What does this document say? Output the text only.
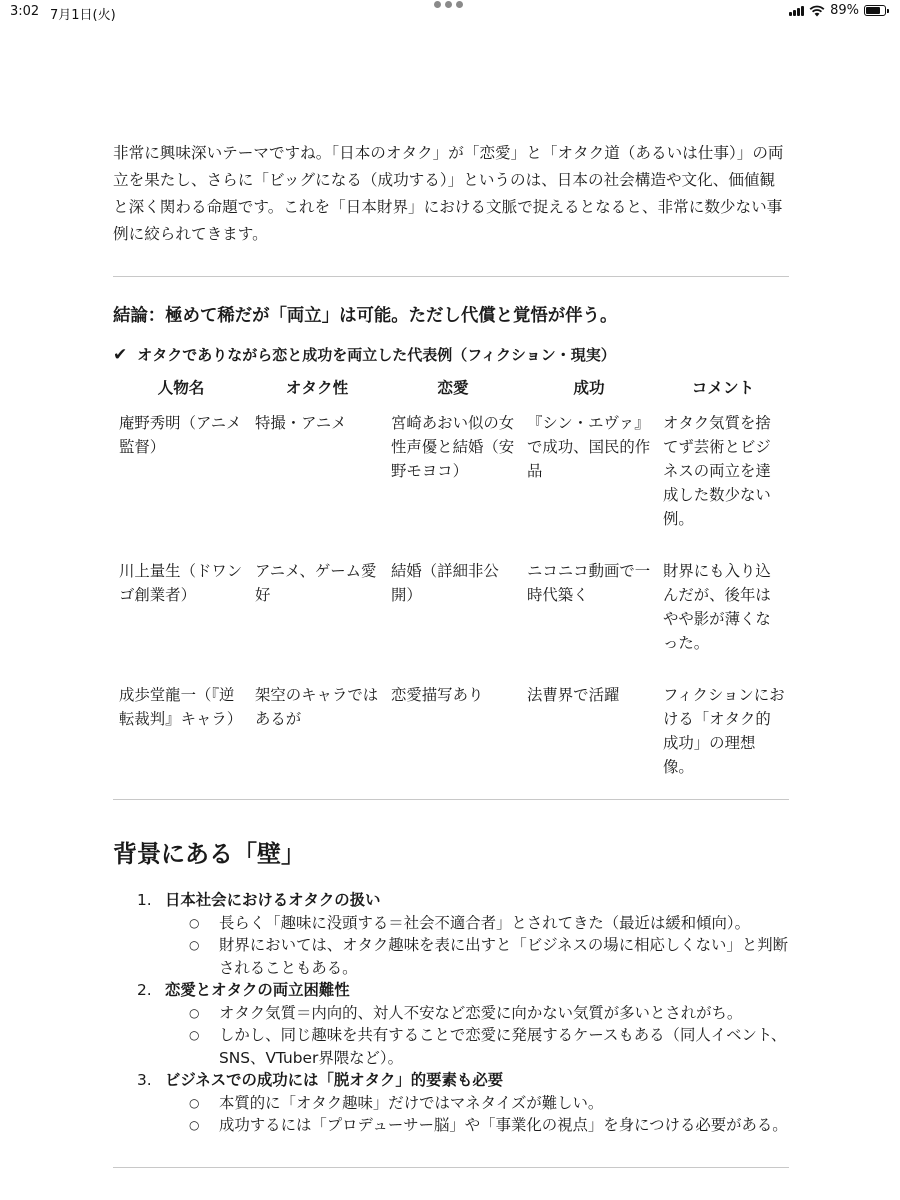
3:02 7月1日(火)	89%

非常に興味深いテーマですね。「日本のオタク」が「恋愛」と「オタク道（あるいは仕事）」の両立を果たし、さらに「ビッグになる（成功する）」というのは、日本の社会構造や文化、価値観と深く関わる命題です。これを「日本財界」における文脈で捉えるとなると、非常に数少ない事例に絞られてきます。

結論：極めて稀だが「両立」は可能。ただし代償と覚悟が伴う。

✔ オタクでありながら恋と成功を両立した代表例（フィクション・現実）

人物名	オタク性	恋愛	成功	コメント
庵野秀明（アニメ監督）	特撮・アニメ	宮崎あおい似の女性声優と結婚（安野モヨコ）	『シン・エヴァ』で成功、国民的作品	オタク気質を捨てず芸術とビジネスの両立を達成した数少ない例。
川上量生（ドワンゴ創業者）	アニメ、ゲーム愛好	結婚（詳細非公開）	ニコニコ動画で一時代築く	財界にも入り込んだが、後年はやや影が薄くなった。
成歩堂龍一（『逆転裁判』キャラ）	架空のキャラではあるが	恋愛描写あり	法曹界で活躍	フィクションにおける「オタク的成功」の理想像。

背景にある「壁」

1. 日本社会におけるオタクの扱い
○ 長らく「趣味に没頭する＝社会不適合者」とされてきた（最近は緩和傾向）。
○ 財界においては、オタク趣味を表に出すと「ビジネスの場に相応しくない」と判断されることもある。
2. 恋愛とオタクの両立困難性
○ オタク気質＝内向的、対人不安など恋愛に向かない気質が多いとされがち。
○ しかし、同じ趣味を共有することで恋愛に発展するケースもある（同人イベント、SNS、VTuber界隈など）。
3. ビジネスでの成功には「脱オタク」的要素も必要
○ 本質的に「オタク趣味」だけではマネタイズが難しい。
○ 成功するには「プロデューサー脳」や「事業化の視点」を身につける必要がある。
